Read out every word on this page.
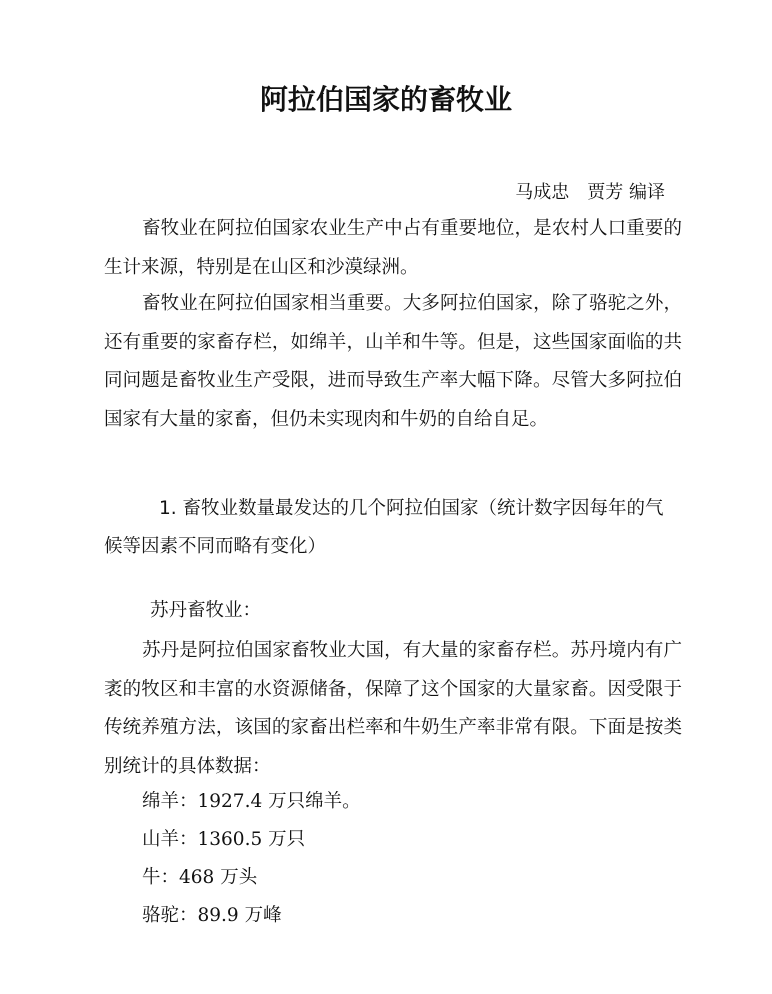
阿拉伯国家的畜牧业
马成忠　贾芳 编译

畜牧业在阿拉伯国家农业生产中占有重要地位，是农村人口重要的生计来源，特别是在山区和沙漠绿洲。

畜牧业在阿拉伯国家相当重要。大多阿拉伯国家，除了骆驼之外，还有重要的家畜存栏，如绵羊，山羊和牛等。但是，这些国家面临的共同问题是畜牧业生产受限，进而导致生产率大幅下降。尽管大多阿拉伯国家有大量的家畜，但仍未实现肉和牛奶的自给自足。

1. 畜牧业数量最发达的几个阿拉伯国家（统计数字因每年的气候等因素不同而略有变化）

苏丹畜牧业：

苏丹是阿拉伯国家畜牧业大国，有大量的家畜存栏。苏丹境内有广袤的牧区和丰富的水资源储备，保障了这个国家的大量家畜。因受限于传统养殖方法，该国的家畜出栏率和牛奶生产率非常有限。下面是按类别统计的具体数据：

绵羊：1927.4 万只绵羊。

山羊：1360.5 万只

牛：468 万头

骆驼：89.9 万峰
